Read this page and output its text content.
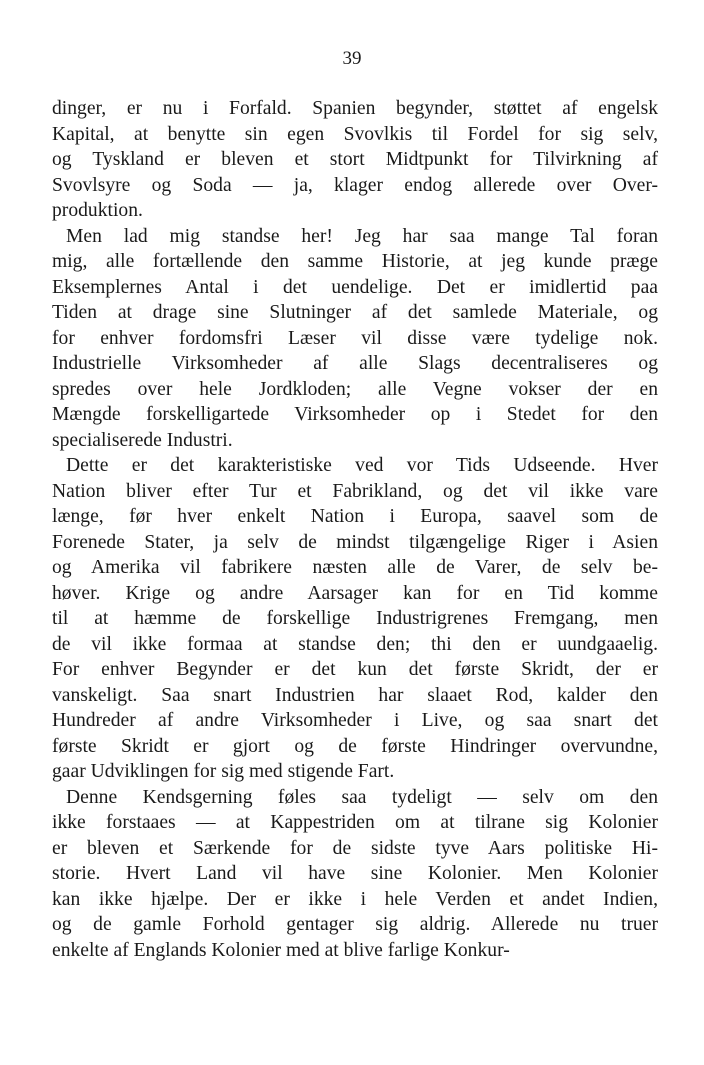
39
dinger, er nu i Forfald. Spanien begynder, støttet af engelsk
Kapital, at benytte sin egen Svovlkis til Fordel for sig selv,
og Tyskland er bleven et stort Midtpunkt for Tilvirkning af
Svovlsyre og Soda — ja, klager endog allerede over Over-
produktion.
Men lad mig standse her! Jeg har saa mange Tal foran
mig, alle fortællende den samme Historie, at jeg kunde præge
Eksemplernes Antal i det uendelige. Det er imidlertid paa
Tiden at drage sine Slutninger af det samlede Materiale, og
for enhver fordomsfri Læser vil disse være tydelige nok.
Industrielle Virksomheder af alle Slags decentraliseres og
spredes over hele Jordkloden; alle Vegne vokser der en
Mængde forskelligartede Virksomheder op i Stedet for den
specialiserede Industri.
Dette er det karakteristiske ved vor Tids Udseende. Hver
Nation bliver efter Tur et Fabrikland, og det vil ikke vare
længe, før hver enkelt Nation i Europa, saavel som de
Forenede Stater, ja selv de mindst tilgængelige Riger i Asien
og Amerika vil fabrikere næsten alle de Varer, de selv be-
høver. Krige og andre Aarsager kan for en Tid komme
til at hæmme de forskellige Industrigrenes Fremgang, men
de vil ikke formaa at standse den; thi den er uundgaaelig.
For enhver Begynder er det kun det første Skridt, der er
vanskeligt. Saa snart Industrien har slaaet Rod, kalder den
Hundreder af andre Virksomheder i Live, og saa snart det
første Skridt er gjort og de første Hindringer overvundne,
gaar Udviklingen for sig med stigende Fart.
Denne Kendsgerning føles saa tydeligt — selv om den
ikke forstaaes — at Kappestriden om at tilrane sig Kolonier
er bleven et Særkende for de sidste tyve Aars politiske Hi-
storie. Hvert Land vil have sine Kolonier. Men Kolonier
kan ikke hjælpe. Der er ikke i hele Verden et andet Indien,
og de gamle Forhold gentager sig aldrig. Allerede nu truer
enkelte af Englands Kolonier med at blive farlige Konkur-
